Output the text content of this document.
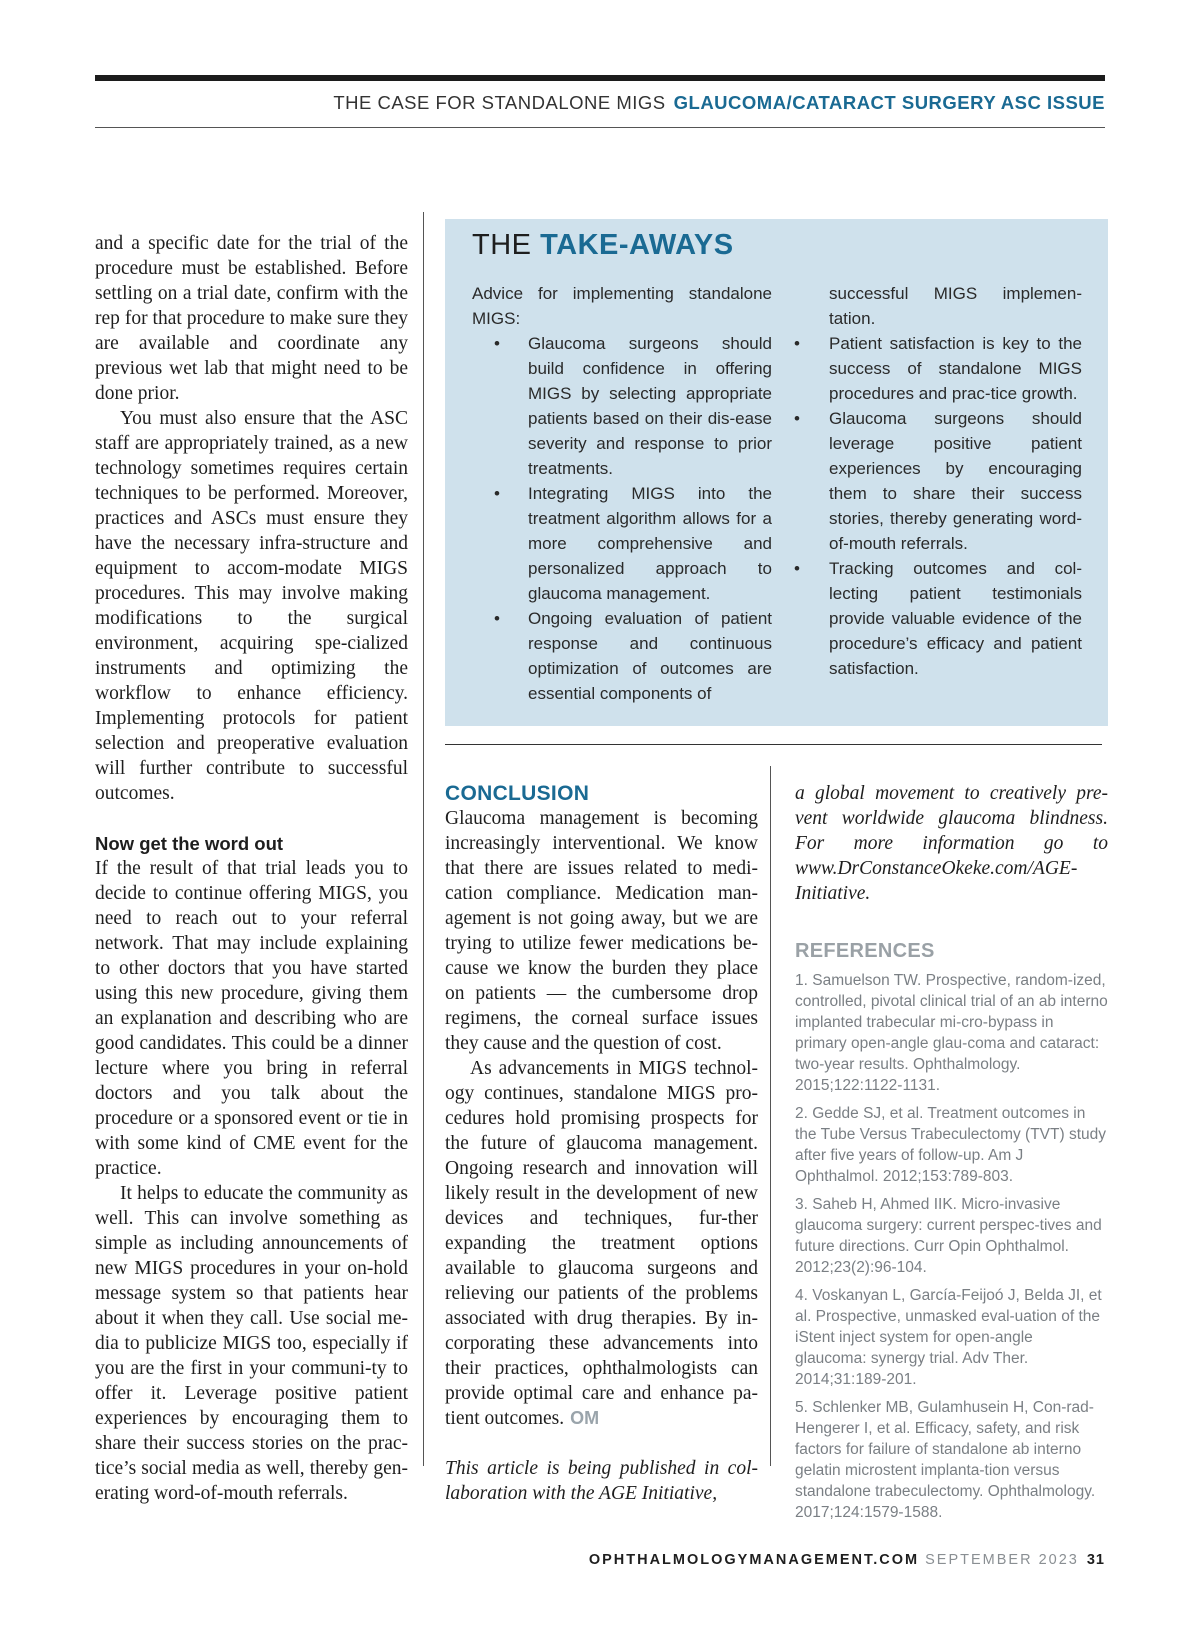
THE CASE FOR STANDALONE MIGS GLAUCOMA/CATARACT SURGERY ASC ISSUE

and a specific date for the trial of the procedure must be established. Before settling on a trial date, confirm with the rep for that procedure to make sure they are available and coordinate any previous wet lab that might need to be done prior.

You must also ensure that the ASC staff are appropriately trained, as a new technology sometimes requires certain techniques to be performed. Moreover, practices and ASCs must ensure they have the necessary infra-structure and equipment to accom-modate MIGS procedures. This may involve making modifications to the surgical environment, acquiring spe-cialized instruments and optimizing the workflow to enhance efficiency. Implementing protocols for patient selection and preoperative evaluation will further contribute to successful outcomes.

Now get the word out

If the result of that trial leads you to decide to continue offering MIGS, you need to reach out to your referral network. That may include explaining to other doctors that you have started using this new procedure, giving them an explanation and describing who are good candidates. This could be a dinner lecture where you bring in referral doctors and you talk about the procedure or a sponsored event or tie in with some kind of CME event for the practice.

It helps to educate the community as well. This can involve something as simple as including announcements of new MIGS procedures in your on-hold message system so that patients hear about it when they call. Use social me-dia to publicize MIGS too, especially if you are the first in your communi-ty to offer it. Leverage positive patient experiences by encouraging them to share their success stories on the prac-tice’s social media as well, thereby gen-erating word-of-mouth referrals.

THE TAKE-AWAYS
Advice for implementing standalone MIGS:
• Glaucoma surgeons should build confidence in offering MIGS by selecting appropriate patients based on their dis-ease severity and response to prior treatments.
• Integrating MIGS into the treatment algorithm allows for a more comprehensive and personalized approach to glaucoma management.
• Ongoing evaluation of patient response and continuous optimization of outcomes are essential components of
successful MIGS implemen-tation.
• Patient satisfaction is key to the success of standalone MIGS procedures and prac-tice growth.
• Glaucoma surgeons should leverage positive patient experiences by encouraging them to share their success stories, thereby generating word-of-mouth referrals.
• Tracking outcomes and col-lecting patient testimonials provide valuable evidence of the procedure’s efficacy and patient satisfaction.
CONCLUSION

Glaucoma management is becoming increasingly interventional. We know that there are issues related to medi-cation compliance. Medication man-agement is not going away, but we are trying to utilize fewer medications be-cause we know the burden they place on patients — the cumbersome drop regimens, the corneal surface issues they cause and the question of cost.

As advancements in MIGS technol-ogy continues, standalone MIGS pro-cedures hold promising prospects for the future of glaucoma management. Ongoing research and innovation will likely result in the development of new devices and techniques, fur-ther expanding the treatment options available to glaucoma surgeons and relieving our patients of the problems associated with drug therapies. By in-corporating these advancements into their practices, ophthalmologists can provide optimal care and enhance pa-tient outcomes. OM

This article is being published in col-laboration with the AGE Initiative,

a global movement to creatively pre-vent worldwide glaucoma blindness. For more information go to www.DrConstanceOkeke.com/AGE-Initiative.

REFERENCES

1. Samuelson TW. Prospective, random-ized, controlled, pivotal clinical trial of an ab interno implanted trabecular mi-cro-bypass in primary open-angle glau-coma and cataract: two-year results. Ophthalmology. 2015;122:1122-1131.

2. Gedde SJ, et al. Treatment outcomes in the Tube Versus Trabeculectomy (TVT) study after five years of follow-up. Am J Ophthalmol. 2012;153:789-803.

3. Saheb H, Ahmed IIK. Micro-invasive glaucoma surgery: current perspec-tives and future directions. Curr Opin Ophthalmol. 2012;23(2):96-104.

4. Voskanyan L, García-Feijoó J, Belda JI, et al. Prospective, unmasked eval-uation of the iStent inject system for open-angle glaucoma: synergy trial. Adv Ther. 2014;31:189-201.

5. Schlenker MB, Gulamhusein H, Con-rad-Hengerer I, et al. Efficacy, safety, and risk factors for failure of standalone ab interno gelatin microstent implanta-tion versus standalone trabeculectomy. Ophthalmology. 2017;124:1579-1588.

OPHTHALMOLOGYMANAGEMENT.COM SEPTEMBER 2023 31
